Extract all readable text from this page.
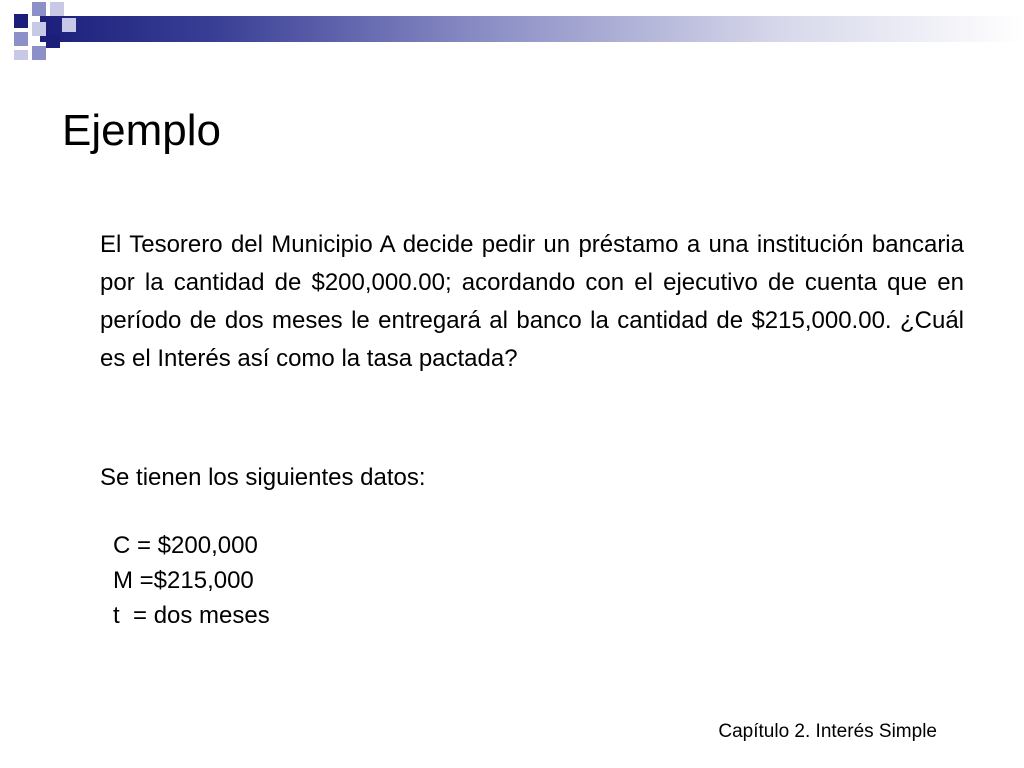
Ejemplo

El Tesorero del Municipio A decide pedir un préstamo a una institución bancaria por la cantidad de $200,000.00; acordando con el ejecutivo de cuenta que en período de dos meses le entregará al banco la cantidad de $215,000.00. ¿Cuál es el Interés así como la tasa pactada?

Se tienen los siguientes datos:

C = $200,000
M =$215,000
t  = dos meses
Capítulo 2. Interés Simple
